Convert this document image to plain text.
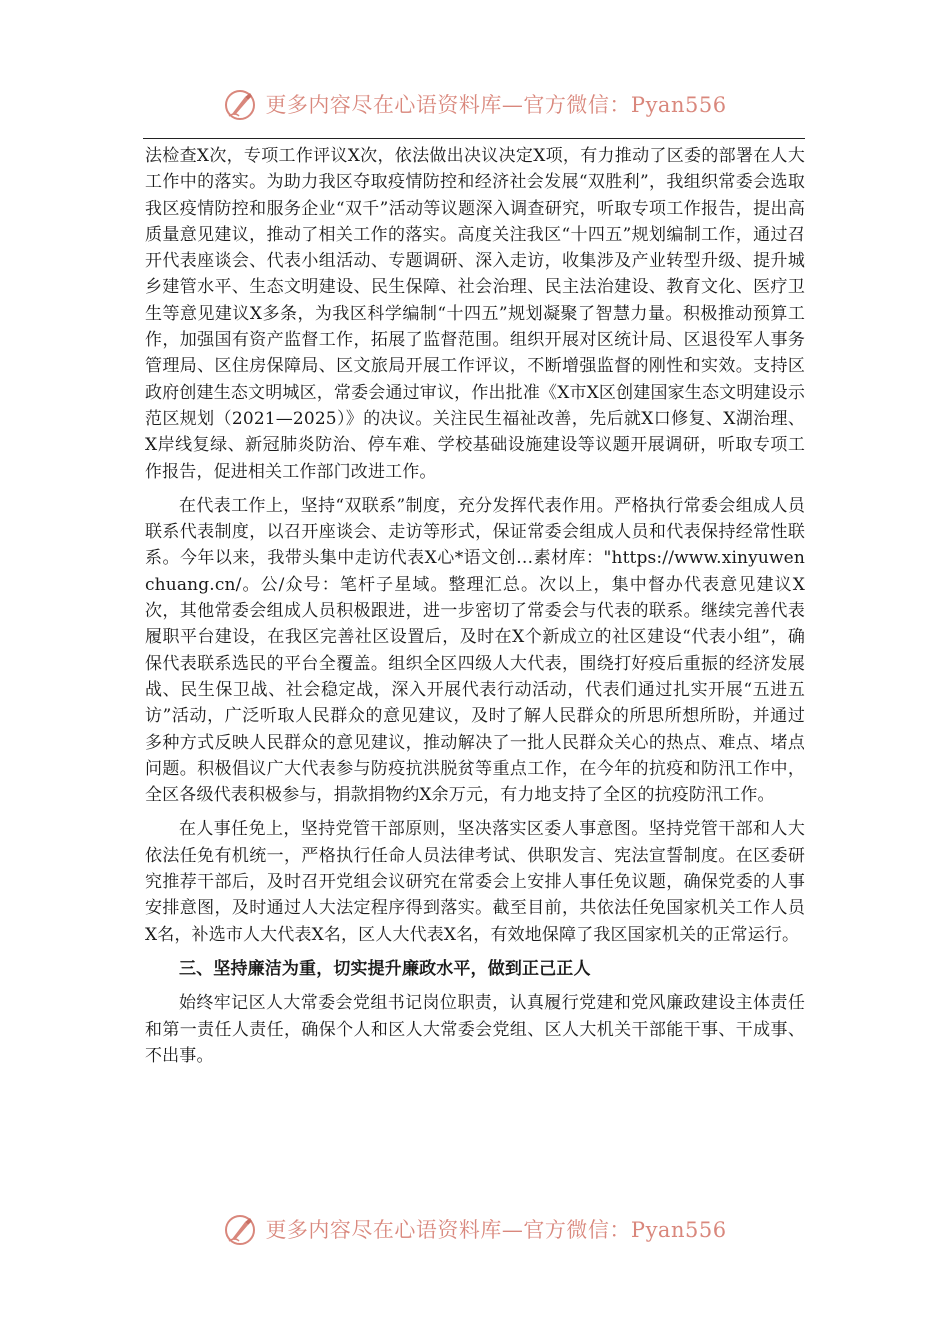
更多内容尽在心语资料库—官方微信：Pyan556

法检查X次，专项工作评议X次，依法做出决议决定X项，有力推动了区委的部署在人大工作中的落实。为助力我区夺取疫情防控和经济社会发展“双胜利”，我组织常委会选取我区疫情防控和服务企业“双千”活动等议题深入调查研究，听取专项工作报告，提出高质量意见建议，推动了相关工作的落实。高度关注我区“十四五”规划编制工作，通过召开代表座谈会、代表小组活动、专题调研、深入走访，收集涉及产业转型升级、提升城乡建管水平、生态文明建设、民生保障、社会治理、民主法治建设、教育文化、医疗卫生等意见建议X多条，为我区科学编制“十四五”规划凝聚了智慧力量。积极推动预算工作，加强国有资产监督工作，拓展了监督范围。组织开展对区统计局、区退役军人事务管理局、区住房保障局、区文旅局开展工作评议，不断增强监督的刚性和实效。支持区政府创建生态文明城区，常委会通过审议，作出批准《X市X区创建国家生态文明建设示范区规划（2021—2025）》的决议。关注民生福祉改善，先后就X口修复、X湖治理、X岸线复绿、新冠肺炎防治、停车难、学校基础设施建设等议题开展调研，听取专项工作报告，促进相关工作部门改进工作。

在代表工作上，坚持“双联系”制度，充分发挥代表作用。严格执行常委会组成人员联系代表制度，以召开座谈会、走访等形式，保证常委会组成人员和代表保持经常性联系。今年以来，我带头集中走访代表X心*语文创…素材库："https://www.xinyuwenchuang.cn/。公/众号：笔杆子星域。整理汇总。次以上，集中督办代表意见建议X次，其他常委会组成人员积极跟进，进一步密切了常委会与代表的联系。继续完善代表履职平台建设，在我区完善社区设置后，及时在X个新成立的社区建设“代表小组”，确保代表联系选民的平台全覆盖。组织全区四级人大代表，围绕打好疫后重振的经济发展战、民生保卫战、社会稳定战，深入开展代表行动活动，代表们通过扎实开展“五进五访”活动，广泛听取人民群众的意见建议，及时了解人民群众的所思所想所盼，并通过多种方式反映人民群众的意见建议，推动解决了一批人民群众关心的热点、难点、堵点问题。积极倡议广大代表参与防疫抗洪脱贫等重点工作，在今年的抗疫和防汛工作中，全区各级代表积极参与，捐款捐物约X余万元，有力地支持了全区的抗疫防汛工作。

在人事任免上，坚持党管干部原则，坚决落实区委人事意图。坚持党管干部和人大依法任免有机统一，严格执行任命人员法律考试、供职发言、宪法宣誓制度。在区委研究推荐干部后，及时召开党组会议研究在常委会上安排人事任免议题，确保党委的人事安排意图，及时通过人大法定程序得到落实。截至目前，共依法任免国家机关工作人员X名，补选市人大代表X名，区人大代表X名，有效地保障了我区国家机关的正常运行。

三、坚持廉洁为重，切实提升廉政水平，做到正己正人

始终牢记区人大常委会党组书记岗位职责，认真履行党建和党风廉政建设主体责任和第一责任人责任，确保个人和区人大常委会党组、区人大机关干部能干事、干成事、不出事。

更多内容尽在心语资料库—官方微信：Pyan556
